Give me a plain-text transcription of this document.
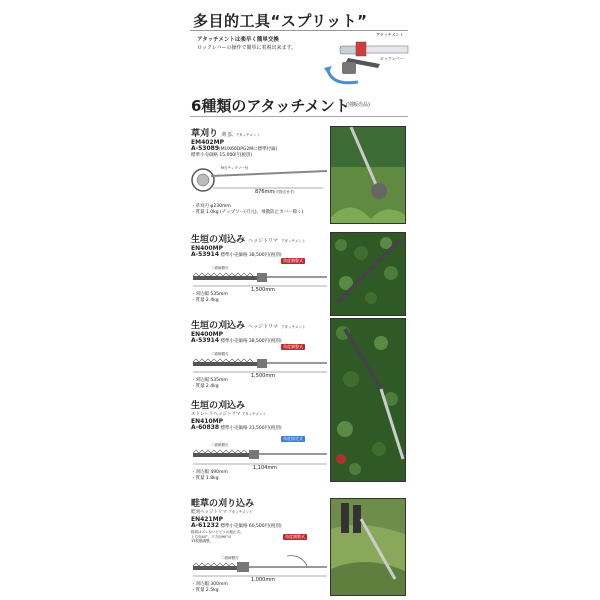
多目的工具“スプリット”
アタッチメントは楽早く簡単交換
ロックレバーの操作で簡単に着脱出来ます。
アタッチメント
ロックレバー
6種類のアタッチメント
(別販売品)
草刈り 刈 払 アタッチメント
EM402MP
A-53089(MUX60DPG2Mに標準付属)
標準小売価格 15,000円(税別)
M刃チップソー付
876mm(刃物含まず)
・草刈刃 φ230mm
・質量 1.0kg (チップソー(刃元)、飛散防止カバー除く)
生垣の刈込み ヘッジトリマ アタッチメント
EN400MP
A-53914 標準小売価格 38,500円(税別)
角度調整式
二面研磨刃
1,500mm
・刈込幅 535mm
・質量 2.4kg
生垣の刈込み ヘッジトリマ アタッチメント
EN400MP
A-53914 標準小売価格 38,500円(税別)
角度調整式
二面研磨刃
1,500mm
・刈込幅 535mm
・質量 2.4kg
生垣の刈込み
ストレートヘッジトリマ アタッチメント
EN410MP
A-60838 標準小売価格 31,500円(税別)
角度固定式
二面研磨刃
1,104mm
・刈込幅 490mm
・質量 1.8kg
畦草の刈り込み
畦刈ヘッジトリマ アタッチメント
EN421MP
A-61232 標準小売価格 60,500円(税別)
畦面はズレないビビリの振止式。
上方向40°、下方向90°の
13段階調整。
角度調整式
二面研磨刃
1,000mm
・刈込幅 300mm
・質量 2.5kg
